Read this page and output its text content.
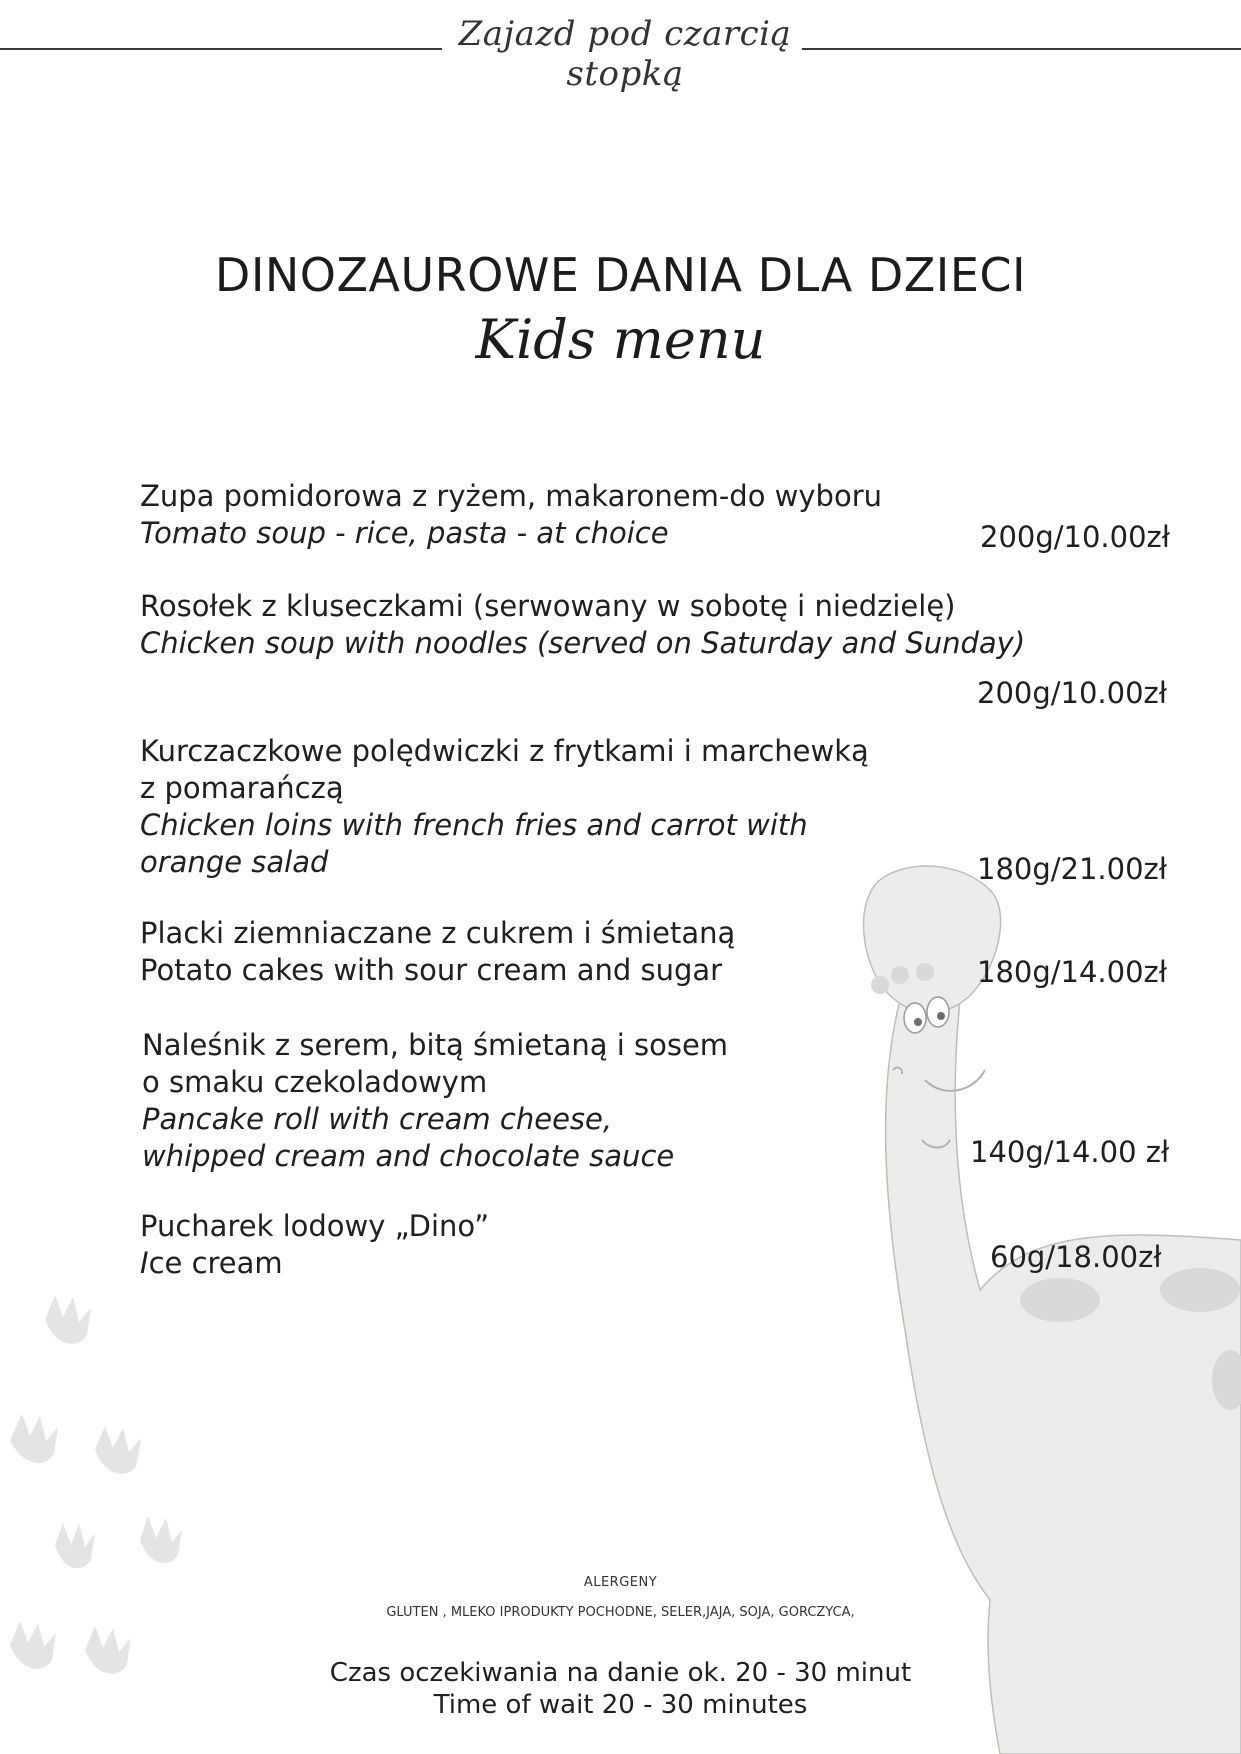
Zajazd pod czarcią stopką
DINOZAUROWE DANIA DLA DZIECI
Kids menu
Zupa pomidorowa z ryżem, makaronem-do wyboru
Tomato soup - rice, pasta - at choice	200g/10.00zł
Rosołek z kluseczkami (serwowany w sobotę i niedzielę)
Chicken soup with noodles (served on Saturday and Sunday)
200g/10.00zł
Kurczaczkowe polędwiczki z frytkami i marchewką
z pomarańczą
Chicken loins with french fries and carrot with
orange salad	180g/21.00zł
Placki ziemniaczane z cukrem i śmietaną
Potato cakes with sour cream and sugar	180g/14.00zł
Naleśnik z serem, bitą śmietaną i sosem
o smaku czekoladowym
Pancake roll with cream cheese,
whipped cream and chocolate sauce	140g/14.00 zł
Pucharek lodowy „Dino”
Ice cream	60g/18.00zł
ALERGENY
GLUTEN , MLEKO IPRODUKTY POCHODNE, SELER,JAJA, SOJA, GORCZYCA,
Czas oczekiwania na danie ok. 20 - 30 minut
Time of wait 20 - 30 minutes
